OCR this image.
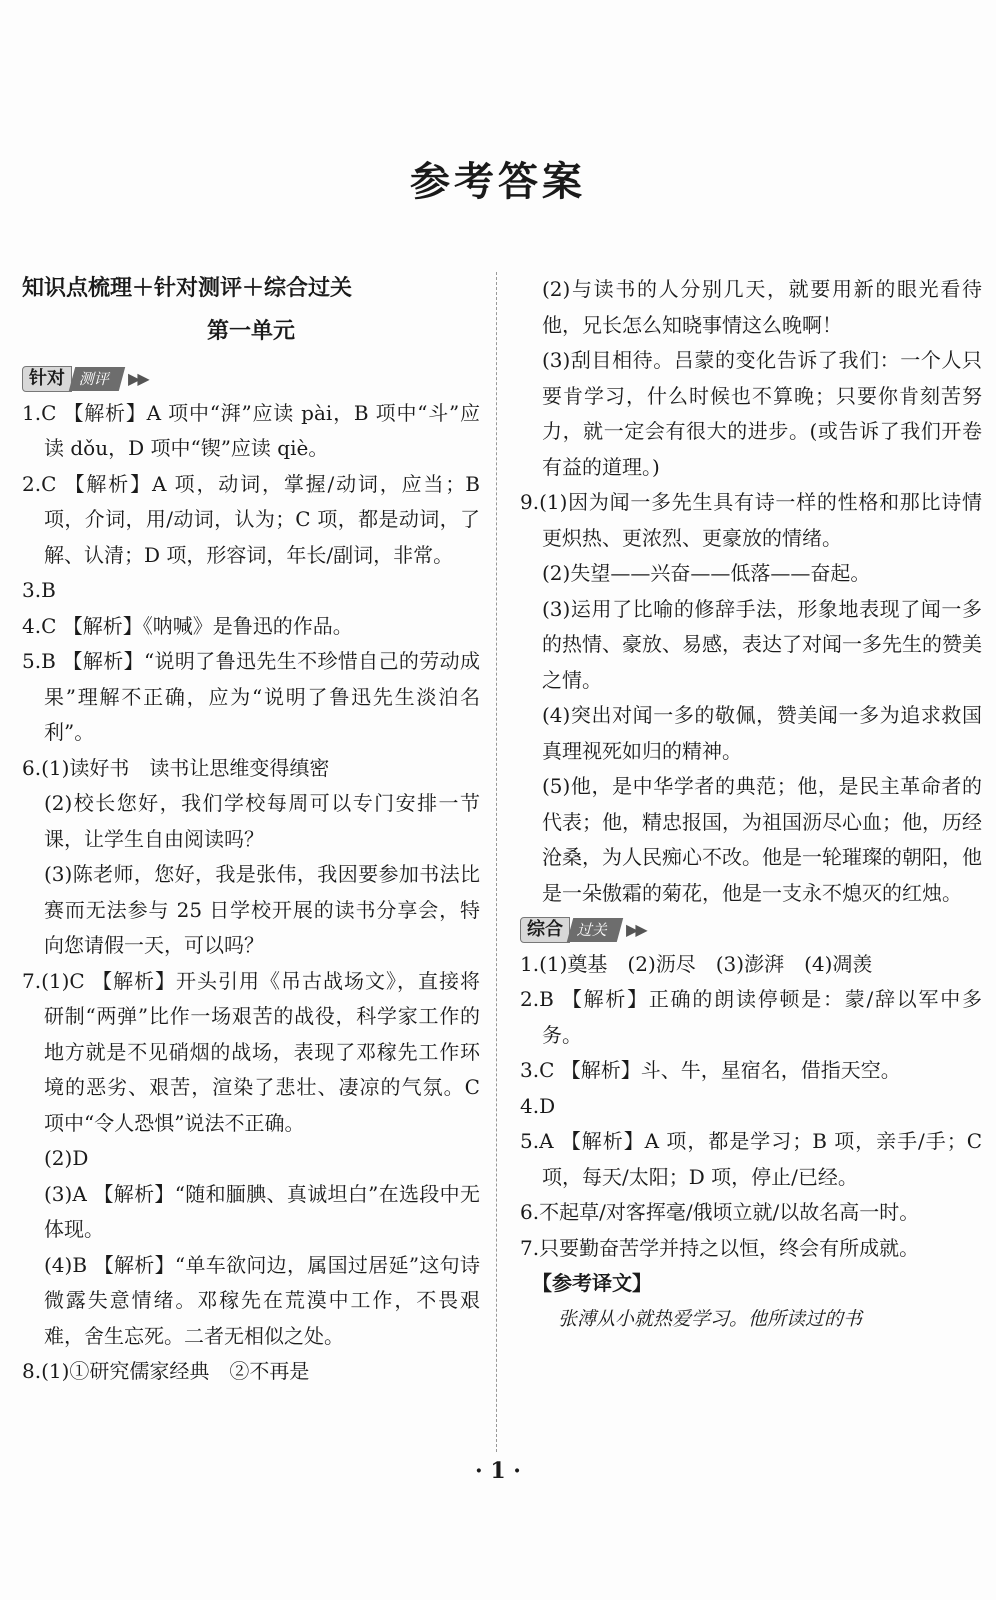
参考答案
知识点梳理＋针对测评＋综合过关
第一单元
针对 测评 ▶▶
1.C 【解析】A 项中“湃”应读 pài，B 项中“斗”应读 dǒu，D 项中“锲”应读 qiè。
2.C 【解析】A 项，动词，掌握/动词，应当；B 项，介词，用/动词，认为；C 项，都是动词，了解、认清；D 项，形容词，年长/副词，非常。
3.B
4.C 【解析】《呐喊》是鲁迅的作品。
5.B 【解析】“说明了鲁迅先生不珍惜自己的劳动成果”理解不正确，应为“说明了鲁迅先生淡泊名利”。
6.(1)读好书　读书让思维变得缜密
(2)校长您好，我们学校每周可以专门安排一节课，让学生自由阅读吗？
(3)陈老师，您好，我是张伟，我因要参加书法比赛而无法参与 25 日学校开展的读书分享会，特向您请假一天，可以吗？
7.(1)C 【解析】开头引用《吊古战场文》，直接将研制“两弹”比作一场艰苦的战役，科学家工作的地方就是不见硝烟的战场，表现了邓稼先工作环境的恶劣、艰苦，渲染了悲壮、凄凉的气氛。C 项中“令人恐惧”说法不正确。
(2)D
(3)A 【解析】“随和腼腆、真诚坦白”在选段中无体现。
(4)B 【解析】“单车欲问边，属国过居延”这句诗微露失意情绪。邓稼先在荒漠中工作，不畏艰难，舍生忘死。二者无相似之处。
8.(1)①研究儒家经典　②不再是
(2)与读书的人分别几天，就要用新的眼光看待他，兄长怎么知晓事情这么晚啊！
(3)刮目相待。吕蒙的变化告诉了我们：一个人只要肯学习，什么时候也不算晚；只要你肯刻苦努力，就一定会有很大的进步。(或告诉了我们开卷有益的道理。)
9.(1)因为闻一多先生具有诗一样的性格和那比诗情更炽热、更浓烈、更豪放的情绪。
(2)失望——兴奋——低落——奋起。
(3)运用了比喻的修辞手法，形象地表现了闻一多的热情、豪放、易感，表达了对闻一多先生的赞美之情。
(4)突出对闻一多的敬佩，赞美闻一多为追求救国真理视死如归的精神。
(5)他，是中华学者的典范；他，是民主革命者的代表；他，精忠报国，为祖国沥尽心血；他，历经沧桑，为人民痴心不改。他是一轮璀璨的朝阳，他是一朵傲霜的菊花，他是一支永不熄灭的红烛。
综合 过关 ▶▶
1.(1)奠基　(2)沥尽　(3)澎湃　(4)凋羡
2.B 【解析】正确的朗读停顿是：蒙/辞以军中多务。
3.C 【解析】斗、牛，星宿名，借指天空。
4.D
5.A 【解析】A 项，都是学习；B 项，亲手/手；C 项，每天/太阳；D 项，停止/已经。
6.不起草/对客挥毫/俄顷立就/以故名高一时。
7.只要勤奋苦学并持之以恒，终会有所成就。
【参考译文】
张溥从小就热爱学习。他所读过的书
· 1 ·
